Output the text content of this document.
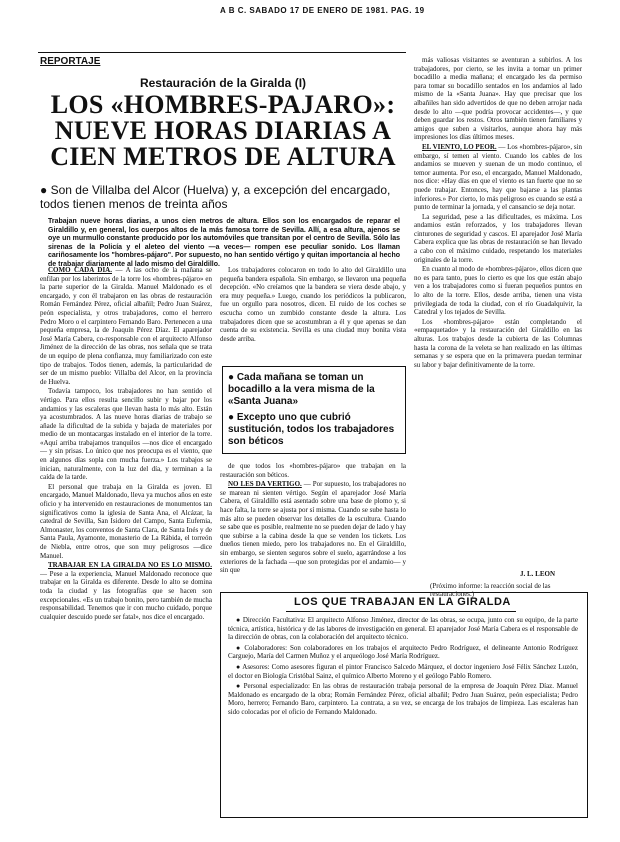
A B C. SABADO 17 DE ENERO DE 1981. PAG. 19
REPORTAJE
Restauración de la Giralda (I)
LOS «HOMBRES-PAJARO»: NUEVE HORAS DIARIAS A CIEN METROS DE ALTURA
● Son de Villalba del Alcor (Huelva) y, a excepción del encargado, todos tienen menos de treinta años
Trabajan nueve horas diarias, a unos cien metros de altura. Ellos son los encargados de reparar el Giraldillo y, en general, los cuerpos altos de la más famosa torre de Sevilla. Allí, a esa altura, ajenos se oye un murmullo constante producido por los automóviles que transitan por el centro de Sevilla. Sólo las sirenas de la Policía y el aleteo del viento —a veces— rompen ese peculiar sonido. Los llaman cariñosamente los "hombres-pájaro". Por supuesto, no han sentido vértigo y quitan importancia al hecho de trabajar diariamente al lado mismo del Giraldillo.

COMO CADA DIA. — A las ocho de la mañana se enfilan por los laberintos de la torre los «hombres-pájaro» en la parte superior de la Giralda. Manuel Maldonado es el encargado, y con él trabajaron en las obras de restauración Román Fernández Pérez, oficial albañil; Pedro Juan Suárez, peón especialista, y otros trabajadores, como el herrero Pedro Moro o el carpintero Fernando Baro. Pertenecen a una pequeña empresa, la de Joaquín Pérez Díaz. El aparejador José María Cabera, co-responsable con el arquitecto Alfonso Jiménez de la dirección de las obras, nos señala que se trata de un equipo de plena confianza, muy familiarizado con este tipo de trabajos. Todos tienen, además, la particularidad de ser de un mismo pueblo: Villalba del Alcor, en la provincia de Huelva.

Todavía tampoco, los trabajadores no han sentido el vértigo. Para ellos resulta sencillo subir y bajar por los andamios y las escaleras que llevan hasta lo más alto. Están ya acostumbrados. A las nueve horas diarias de trabajo se añade la dificultad de la subida y bajada de materiales por medio de un montacargas instalado en el interior de la torre. «Aquí arriba trabajamos tranquilos —nos dice el encargado— y sin prisas. Lo único que nos preocupa es el viento, que en algunos días sopla con mucha fuerza.» Los trabajos se inician, naturalmente, con la luz del día, y terminan a la caída de la tarde.

El personal que trabaja en la Giralda es joven. El encargado, Manuel Maldonado, lleva ya muchos años en este oficio y ha intervenido en restauraciones de monumentos tan significativos como la iglesia de Santa Ana, el Alcázar, la catedral de Sevilla, San Isidoro del Campo, Santa Eufemia, Almonaster, los conventos de Santa Clara, de Santa Inés y de Santa Paula, Ayamonte, monasterio de La Rábida, el torreón de Niebla, entre otros, que son muy peligrosos —dice Manuel.

TRABAJAR EN LA GIRALDA NO ES LO MISMO. — Pese a la experiencia, Manuel Maldonado reconoce que trabajar en la Giralda es diferente. Desde lo alto se domina toda la ciudad y las fotografías que se hacen son excepcionales. «Es un trabajo bonito, pero también de mucha responsabilidad. Tenemos que ir con mucho cuidado, porque cualquier descuido puede ser fatal», nos dice el encargado.

Los trabajadores colocaron en todo lo alto del Giraldillo una pequeña bandera española. Sin embargo, se llevaron una pequeña decepción. «No creíamos que la bandera se viera desde abajo, y era muy pequeña.» Luego, cuando los periódicos la publicaron, fue un orgullo para nosotros, dicen. El ruido de los coches se escucha como un zumbido constante desde la altura. Los trabajadores dicen que se acostumbran a él y que apenas se dan cuenta de su existencia. Sevilla es una ciudad muy bonita vista desde arriba.

● Cada mañana se toman un bocadillo a la vera misma de la «Santa Juana»
● Excepto uno que cubrió sustitución, todos los trabajadores son béticos

de que todos los «hombres-pájaro» que trabajan en la restauración son béticos.

NO LES DA VERTIGO. — Por supuesto, los trabajadores no se marean ni sienten vértigo. Según el aparejador José María Cabera, el Giraldillo está asentado sobre una base de plomo y, si hace falta, la torre se ajusta por sí misma. Cuando se sube hasta lo más alto se pueden observar los detalles de la escultura. Cuando se sabe que es posible, realmente no se pueden dejar de lado y hay que subirse a la cabina desde la que se venden los tickets. Los dueños tienen miedo, pero los trabajadores no. En el Giraldillo, sin embargo, se sienten seguros sobre el suelo, agarrándose a los exteriores de la fachada —que son protegidas por el andamio— y sin que

más valiosas visitantes se aventuran a subirlos. A los trabajadores, por cierto, se les invita a tomar un primer bocadillo a media mañana; el encargado les da permiso para tomar su bocadillo sentados en los andamios al lado mismo de la «Santa Juana». Hay que precisar que los albañiles han sido advertidos de que no deben arrojar nada desde lo alto —que podría provocar accidentes—, y que deben guardar los restos. Otros también tienen familiares y amigos que suben a visitarlos, aunque ahora hay más impresiones los días últimos meses.

EL VIENTO, LO PEOR. — Los «hombres-pájaro», sin embargo, sí temen al viento. Cuando los cables de los andamios se mueven y suenan de un modo continuo, el temor aumenta. Por eso, el encargado, Manuel Maldonado, nos dice: «Hay días en que el viento es tan fuerte que no se puede trabajar. Entonces, hay que bajarse a las plantas inferiores.» Por cierto, lo más peligroso es cuando se está a punto de terminar la jornada, y el cansancio se deja notar.

La seguridad, pese a las dificultades, es máxima. Los andamios están reforzados, y los trabajadores llevan cinturones de seguridad y cascos. El aparejador José María Cabera explica que las obras de restauración se han llevado a cabo con el máximo cuidado, respetando los materiales originales de la torre.

En cuanto al modo de «hombres-pájaro», ellos dicen que no es para tanto, pues lo cierto es que los que están abajo ven a los trabajadores como si fueran pequeños puntos en lo alto de la torre. Ellos, desde arriba, tienen una vista privilegiada de toda la ciudad, con el río Guadalquivir, la Catedral y los tejados de Sevilla.

Los «hombres-pájaro» están completando el «empaquetado» y la restauración del Giraldillo en las alturas. Los trabajos desde la cubierta de las Columnas hasta la corona de la veleta se han realizado en las últimas semanas y se espera que en la primavera puedan terminar su labor y bajar definitivamente de la torre.

J. L. LEON
(Próximo informe: la reacción social de las restauraciones.)
LOS QUE TRABAJAN EN LA GIRALDA

● Dirección Facultativa: El arquitecto Alfonso Jiménez, director de las obras, se ocupa, junto con su equipo, de la parte técnica, artística, histórica y de las labores de investigación en general. El aparejador José María Cabera es el responsable de la dirección de obras, con la colaboración del arquitecto técnico.

● Colaboradores: Son colaboradores en los trabajos el arquitecto Pedro Rodríguez, el delineante Antonio Rodríguez Carguejo, María del Carmen Muñoz y el arqueólogo José María Rodríguez.

● Asesores: Como asesores figuran el pintor Francisco Salcedo Márquez, el doctor ingeniero José Félix Sánchez Luzón, el doctor en Biología Cristóbal Sainz, el químico Alberto Moreno y el geólogo Pablo Romero.

● Personal especializado: En las obras de restauración trabaja personal de la empresa de Joaquín Pérez Díaz. Manuel Maldonado es encargado de la obra; Román Fernández Pérez, oficial albañil; Pedro Juan Suárez, peón especialista; Pedro Moro, herrero; Fernando Baro, carpintero. La contrata, a su vez, se encarga de los trabajos de limpieza. Las escaleras han sido colocadas por el oficio de Fernando Maldonado.
